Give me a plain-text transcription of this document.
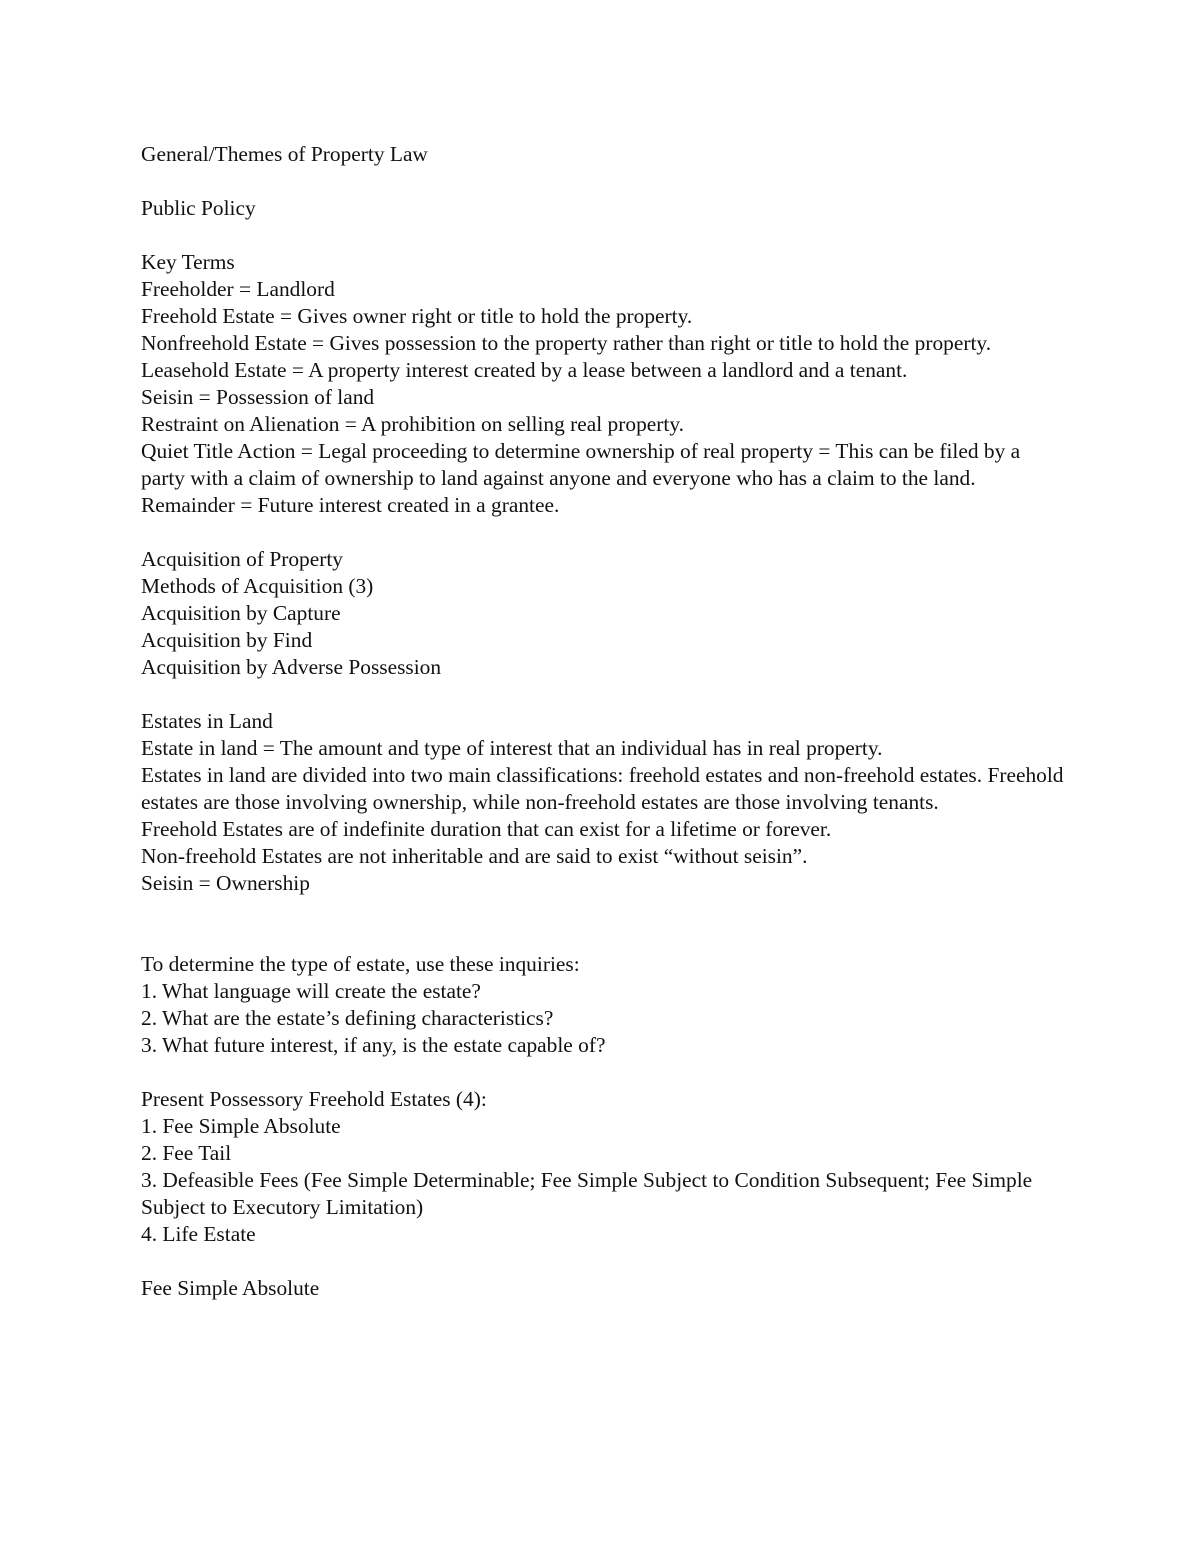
General/Themes of Property Law

Public Policy

Key Terms

Freeholder = Landlord

Freehold Estate = Gives owner right or title to hold the property.

Nonfreehold Estate = Gives possession to the property rather than right or title to hold the property.

Leasehold Estate = A property interest created by a lease between a landlord and a tenant.

Seisin = Possession of land

Restraint on Alienation = A prohibition on selling real property.

Quiet Title Action = Legal proceeding to determine ownership of real property = This can be filed by a party with a claim of ownership to land against anyone and everyone who has a claim to the land.

Remainder = Future interest created in a grantee.

Acquisition of Property

Methods of Acquisition (3)

Acquisition by Capture

Acquisition by Find

Acquisition by Adverse Possession

Estates in Land

Estate in land = The amount and type of interest that an individual has in real property.

Estates in land are divided into two main classifications: freehold estates and non-freehold estates. Freehold estates are those involving ownership, while non-freehold estates are those involving tenants.

Freehold Estates are of indefinite duration that can exist for a lifetime or forever.

Non-freehold Estates are not inheritable and are said to exist “without seisin”.

Seisin = Ownership

To determine the type of estate, use these inquiries:

1. What language will create the estate?

2. What are the estate’s defining characteristics?

3. What future interest, if any, is the estate capable of?

Present Possessory Freehold Estates (4):

1. Fee Simple Absolute

2. Fee Tail

3. Defeasible Fees (Fee Simple Determinable; Fee Simple Subject to Condition Subsequent; Fee Simple Subject to Executory Limitation)

4. Life Estate

Fee Simple Absolute
